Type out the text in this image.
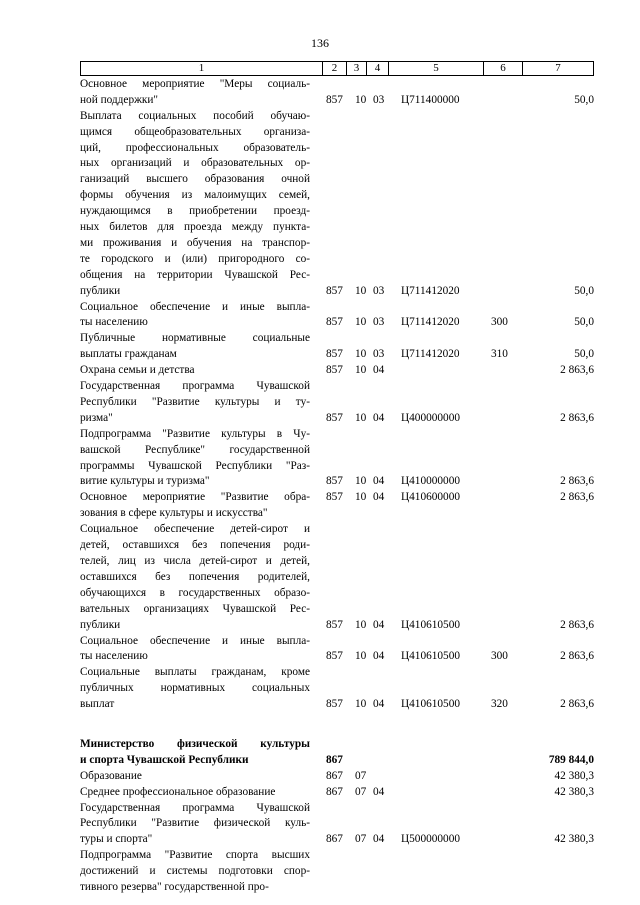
136
1	2	3	4	5	6	7
Основное мероприятие "Меры социаль-
ной поддержки"	857 10 03 Ц711400000	50,0
Выплата социальных пособий обучаю-
щимся общеобразовательных организа-
ций, профессиональных образователь-
ных организаций и образовательных ор-
ганизаций высшего образования очной
формы обучения из малоимущих семей,
нуждающимся в приобретении проезд-
ных билетов для проезда между пункта-
ми проживания и обучения на транспор-
те городского и (или) пригородного со-
общения на территории Чувашской Рес-
публики	857 10 03 Ц711412020	50,0
Социальное обеспечение и иные выпла-
ты населению	857 10 03 Ц711412020	300	50,0
Публичные нормативные социальные
выплаты гражданам	857 10 03 Ц711412020	310	50,0
Охрана семьи и детства	857 10 04	2 863,6
Государственная программа Чувашской
Республики "Развитие культуры и ту-
ризма"	857 10 04 Ц400000000	2 863,6
Подпрограмма "Развитие культуры в Чу-
вашской Республике" государственной
программы Чувашской Республики "Раз-
витие культуры и туризма"	857 10 04 Ц410000000	2 863,6
Основное мероприятие "Развитие обра-
зования в сфере культуры и искусства"
857 10 04 Ц410600000	2 863,6
Социальное обеспечение детей-сирот и
детей, оставшихся без попечения роди-
телей, лиц из числа детей-сирот и детей,
оставшихся без попечения родителей,
обучающихся в государственных образо-
вательных организациях Чувашской Рес-
публики	857 10 04 Ц410610500	2 863,6
Социальное обеспечение и иные выпла-
ты населению	857 10 04 Ц410610500	300	2 863,6
Социальные выплаты гражданам, кроме
публичных нормативных социальных
выплат	857 10 04 Ц410610500	320	2 863,6
Министерство физической культуры
и спорта Чувашской Республики	867	789 844,0
Образование	867 07	42 380,3
Среднее профессиональное образование	867 07 04	42 380,3
Государственная программа Чувашской
Республики "Развитие физической куль-
туры и спорта"	867 07 04 Ц500000000	42 380,3
Подпрограмма "Развитие спорта высших
достижений и системы подготовки спор-
тивного резерва" государственной про-
